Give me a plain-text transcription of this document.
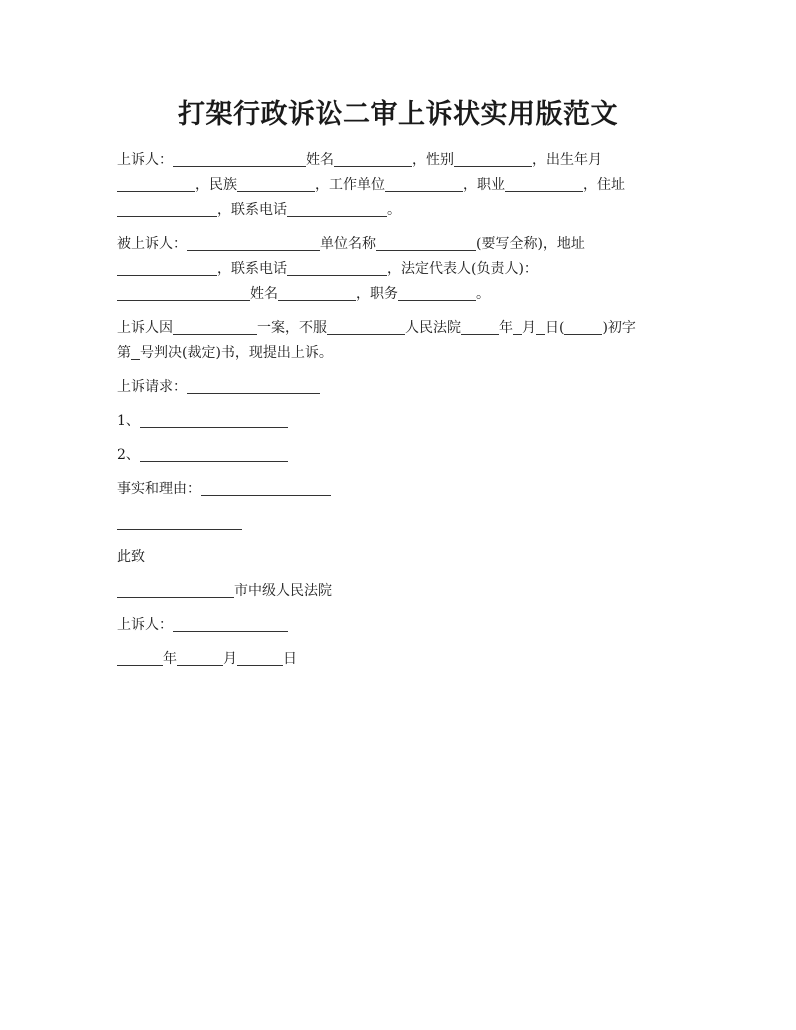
打架行政诉讼二审上诉状实用版范文

上诉人：	姓名	，性别	，出生年月
，民族	，工作单位	，职业	，住址
，联系电话	。

被上诉人：	单位名称	(要写全称)，地址
，联系电话	，法定代表人(负责人)：
姓名	，职务	。

上诉人因	一案，不服	人民法院	年 月 日(	)初字
第 号判决(裁定)书，现提出上诉。

上诉请求：

1、

2、

事实和理由：

此致

市中级人民法院

上诉人：

年	月	日
